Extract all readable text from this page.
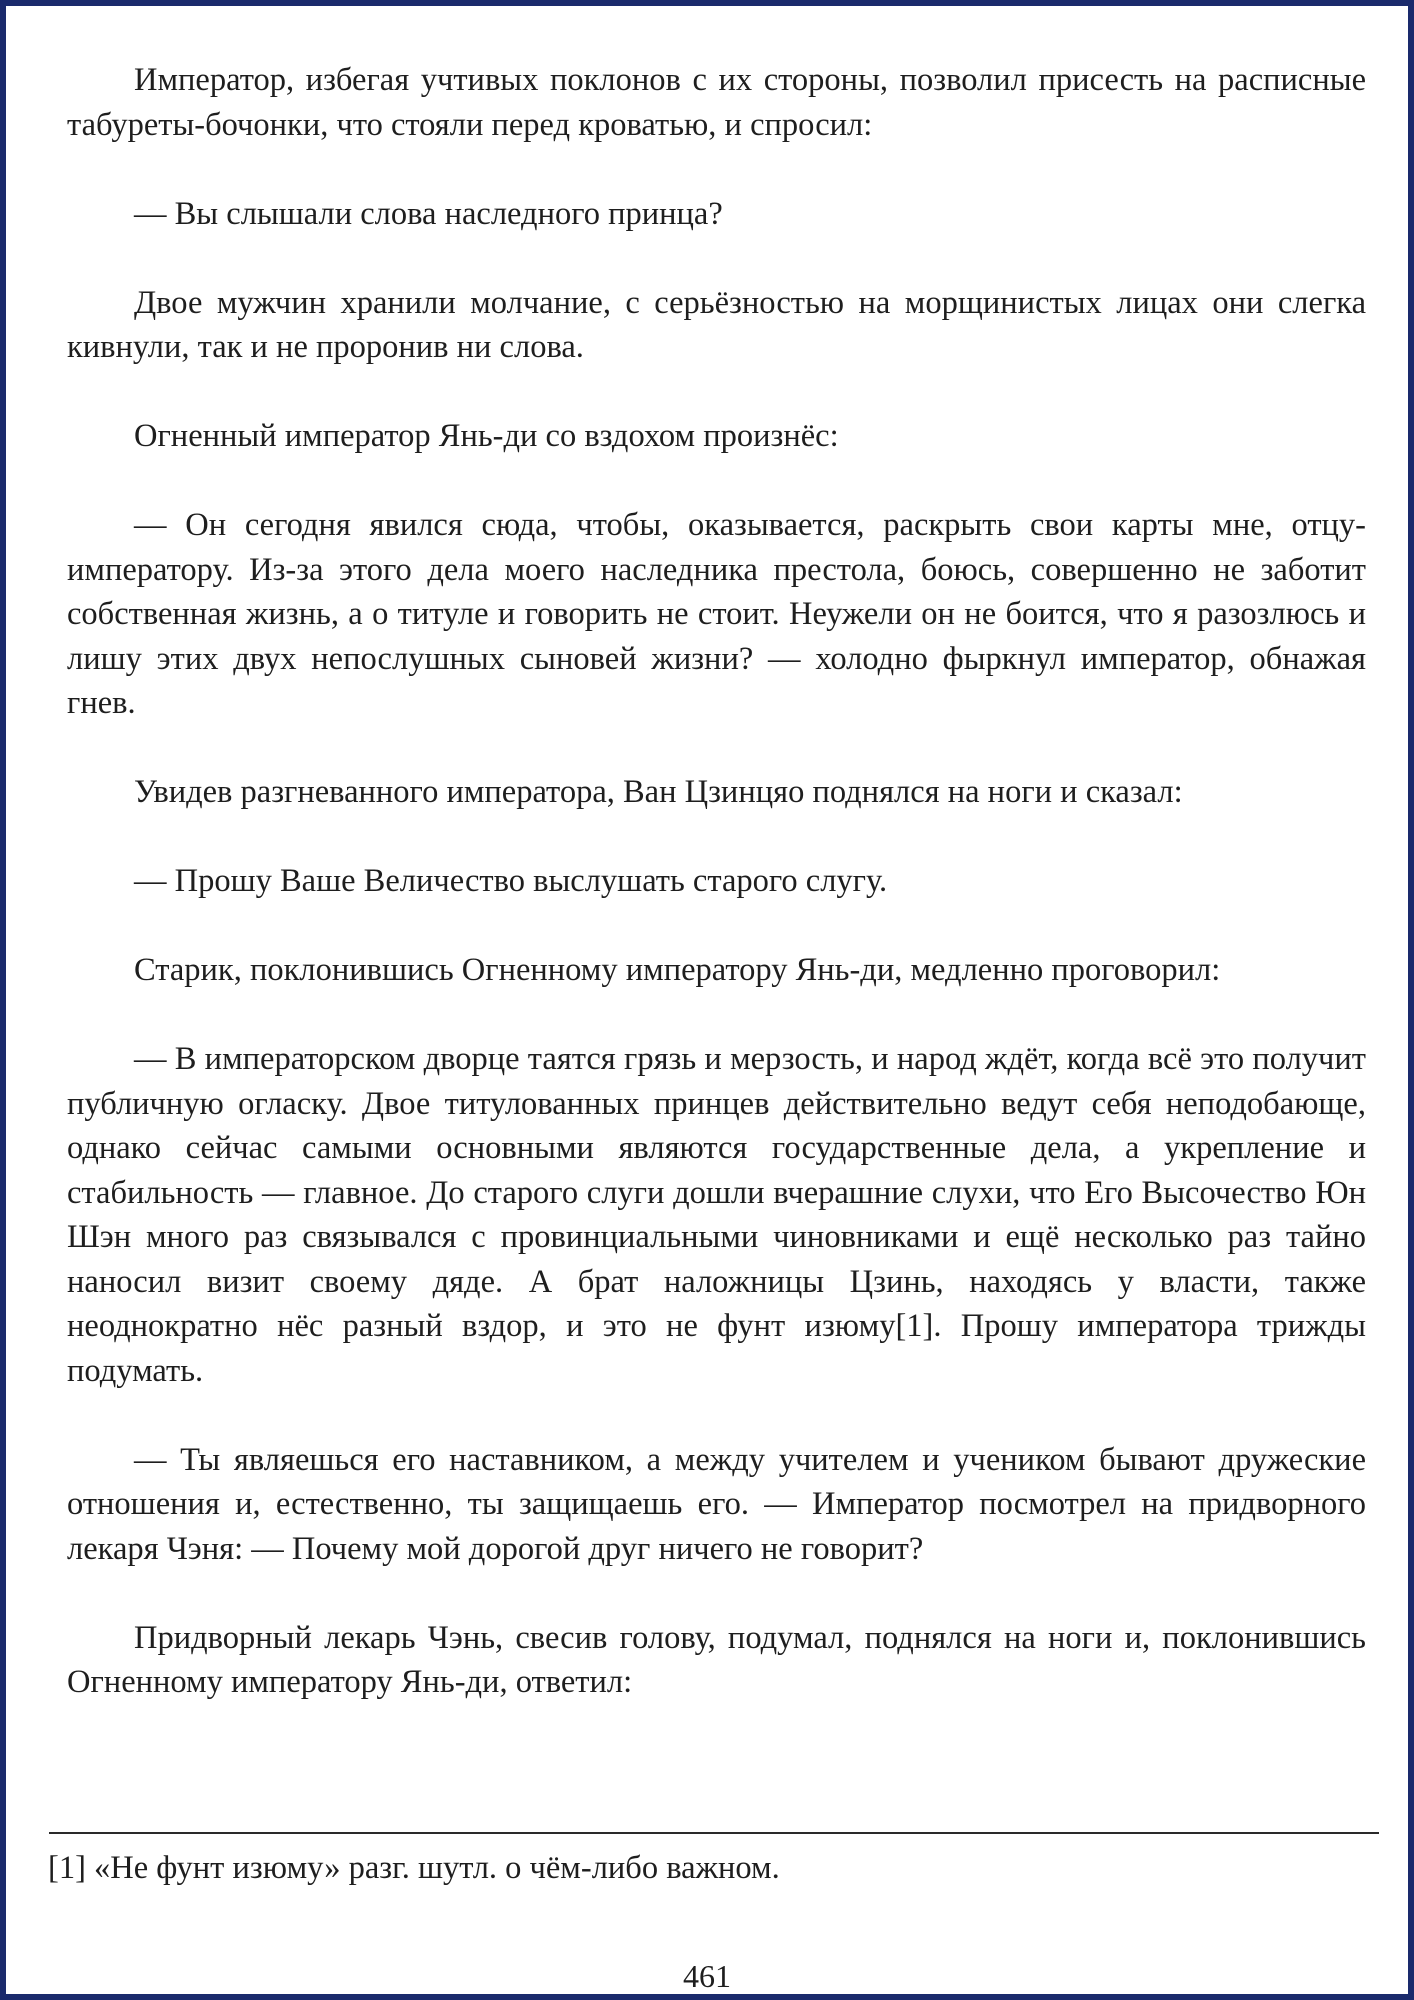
Император, избегая учтивых поклонов с их стороны, позволил присесть на расписные табуреты-бочонки, что стояли перед кроватью, и спросил:

— Вы слышали слова наследного принца?

Двое мужчин хранили молчание, с серьёзностью на морщинистых лицах они слегка кивнули, так и не проронив ни слова.

Огненный император Янь-ди со вздохом произнёс:

— Он сегодня явился сюда, чтобы, оказывается, раскрыть свои карты мне, отцу-императору. Из-за этого дела моего наследника престола, боюсь, совершенно не заботит собственная жизнь, а о титуле и говорить не стоит. Неужели он не боится, что я разозлюсь и лишу этих двух непослушных сыновей жизни? — холодно фыркнул император, обнажая гнев.

Увидев разгневанного императора, Ван Цзинцяо поднялся на ноги и сказал:

— Прошу Ваше Величество выслушать старого слугу.

Старик, поклонившись Огненному императору Янь-ди, медленно проговорил:

— В императорском дворце таятся грязь и мерзость, и народ ждёт, когда всё это получит публичную огласку. Двое титулованных принцев действительно ведут себя неподобающе, однако сейчас самыми основными являются государственные дела, а укрепление и стабильность — главное. До старого слуги дошли вчерашние слухи, что Его Высочество Юн Шэн много раз связывался с провинциальными чиновниками и ещё несколько раз тайно наносил визит своему дяде. А брат наложницы Цзинь, находясь у власти, также неоднократно нёс разный вздор, и это не фунт изюму[1]. Прошу императора трижды подумать.

— Ты являешься его наставником, а между учителем и учеником бывают дружеские отношения и, естественно, ты защищаешь его. — Император посмотрел на придворного лекаря Чэня: — Почему мой дорогой друг ничего не говорит?

Придворный лекарь Чэнь, свесив голову, подумал, поднялся на ноги и, поклонившись Огненному императору Янь-ди, ответил:

[1] «Не фунт изюму» разг. шутл. о чём-либо важном.
461
